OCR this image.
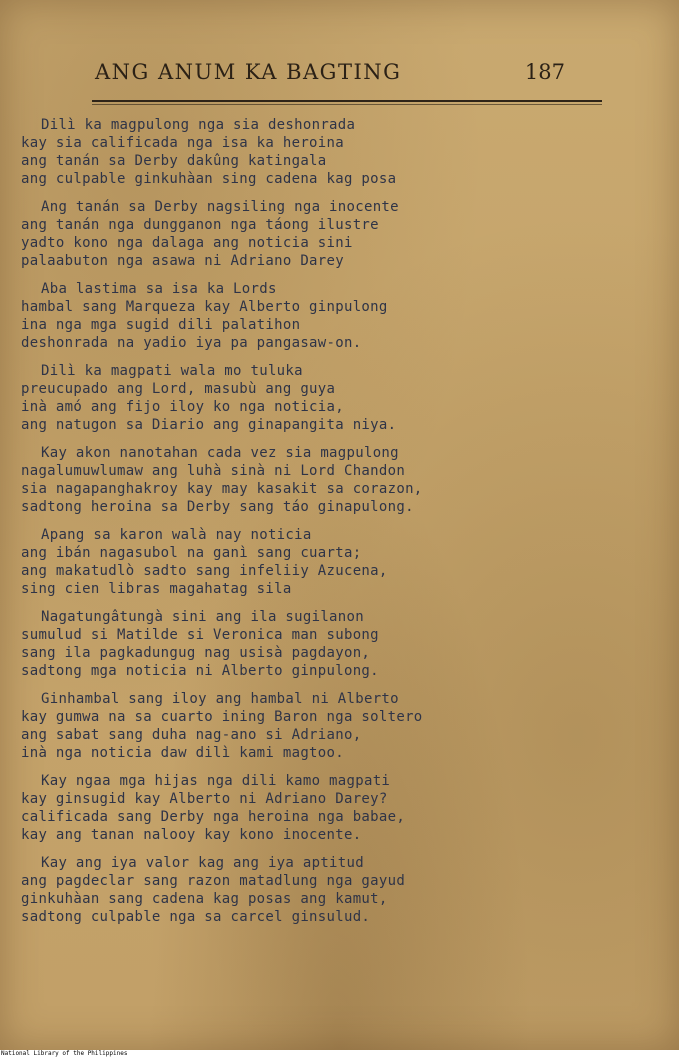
ANG ANUM KA BAGTING	187
Dilì ka magpulong nga sia deshonrada
kay sia calificada nga isa ka heroina
ang tanán sa Derby dakûng katingala
ang culpable ginkuhàan sing cadena kag posa
Ang tanán sa Derby nagsiling nga inocente
ang tanán nga dungganon nga táong ilustre
yadto kono nga dalaga ang noticia sini
palaabuton nga asawa ni Adriano Darey
Aba lastima sa isa ka Lords
hambal sang Marqueza kay Alberto ginpulong
ina nga mga sugid dili palatihon
deshonrada na yadio iya pa pangasaw-on.
Dilì ka magpati wala mo tuluka
preucupado ang Lord, masubù ang guya
inà amó ang fijo iloy ko nga noticia,
ang natugon sa Diario ang ginapangita niya.
Kay akon nanotahan cada vez sia magpulong
nagalumuwlumaw ang luhà sinà ni Lord Chandon
sia nagapanghakroy kay may kasakit sa corazon,
sadtong heroina sa Derby sang táo ginapulong.
Apang sa karon walà nay noticia
ang ibán nagasubol na ganì sang cuarta;
ang makatudlò sadto sang infeliiy Azucena,
sing cien libras magahatag sila
Nagatungâtungà sini ang ila sugilanon
sumulud si Matilde si Veronica man subong
sang ila pagkadungug nag usisà pagdayon,
sadtong mga noticia ni Alberto ginpulong.
Ginhambal sang iloy ang hambal ni Alberto
kay gumwa na sa cuarto ining Baron nga soltero
ang sabat sang duha nag-ano si Adriano,
inà nga noticia daw dilì kami magtoo.
Kay ngaa mga hijas nga dili kamo magpati
kay ginsugid kay Alberto ni Adriano Darey?
calificada sang Derby nga heroina nga babae,
kay ang tanan nalooy kay kono inocente.
Kay ang iya valor kag ang iya aptitud
ang pagdeclar sang razon matadlung nga gayud
ginkuhàan sang cadena kag posas ang kamut,
sadtong culpable nga sa carcel ginsulud.
National Library of the Philippines
